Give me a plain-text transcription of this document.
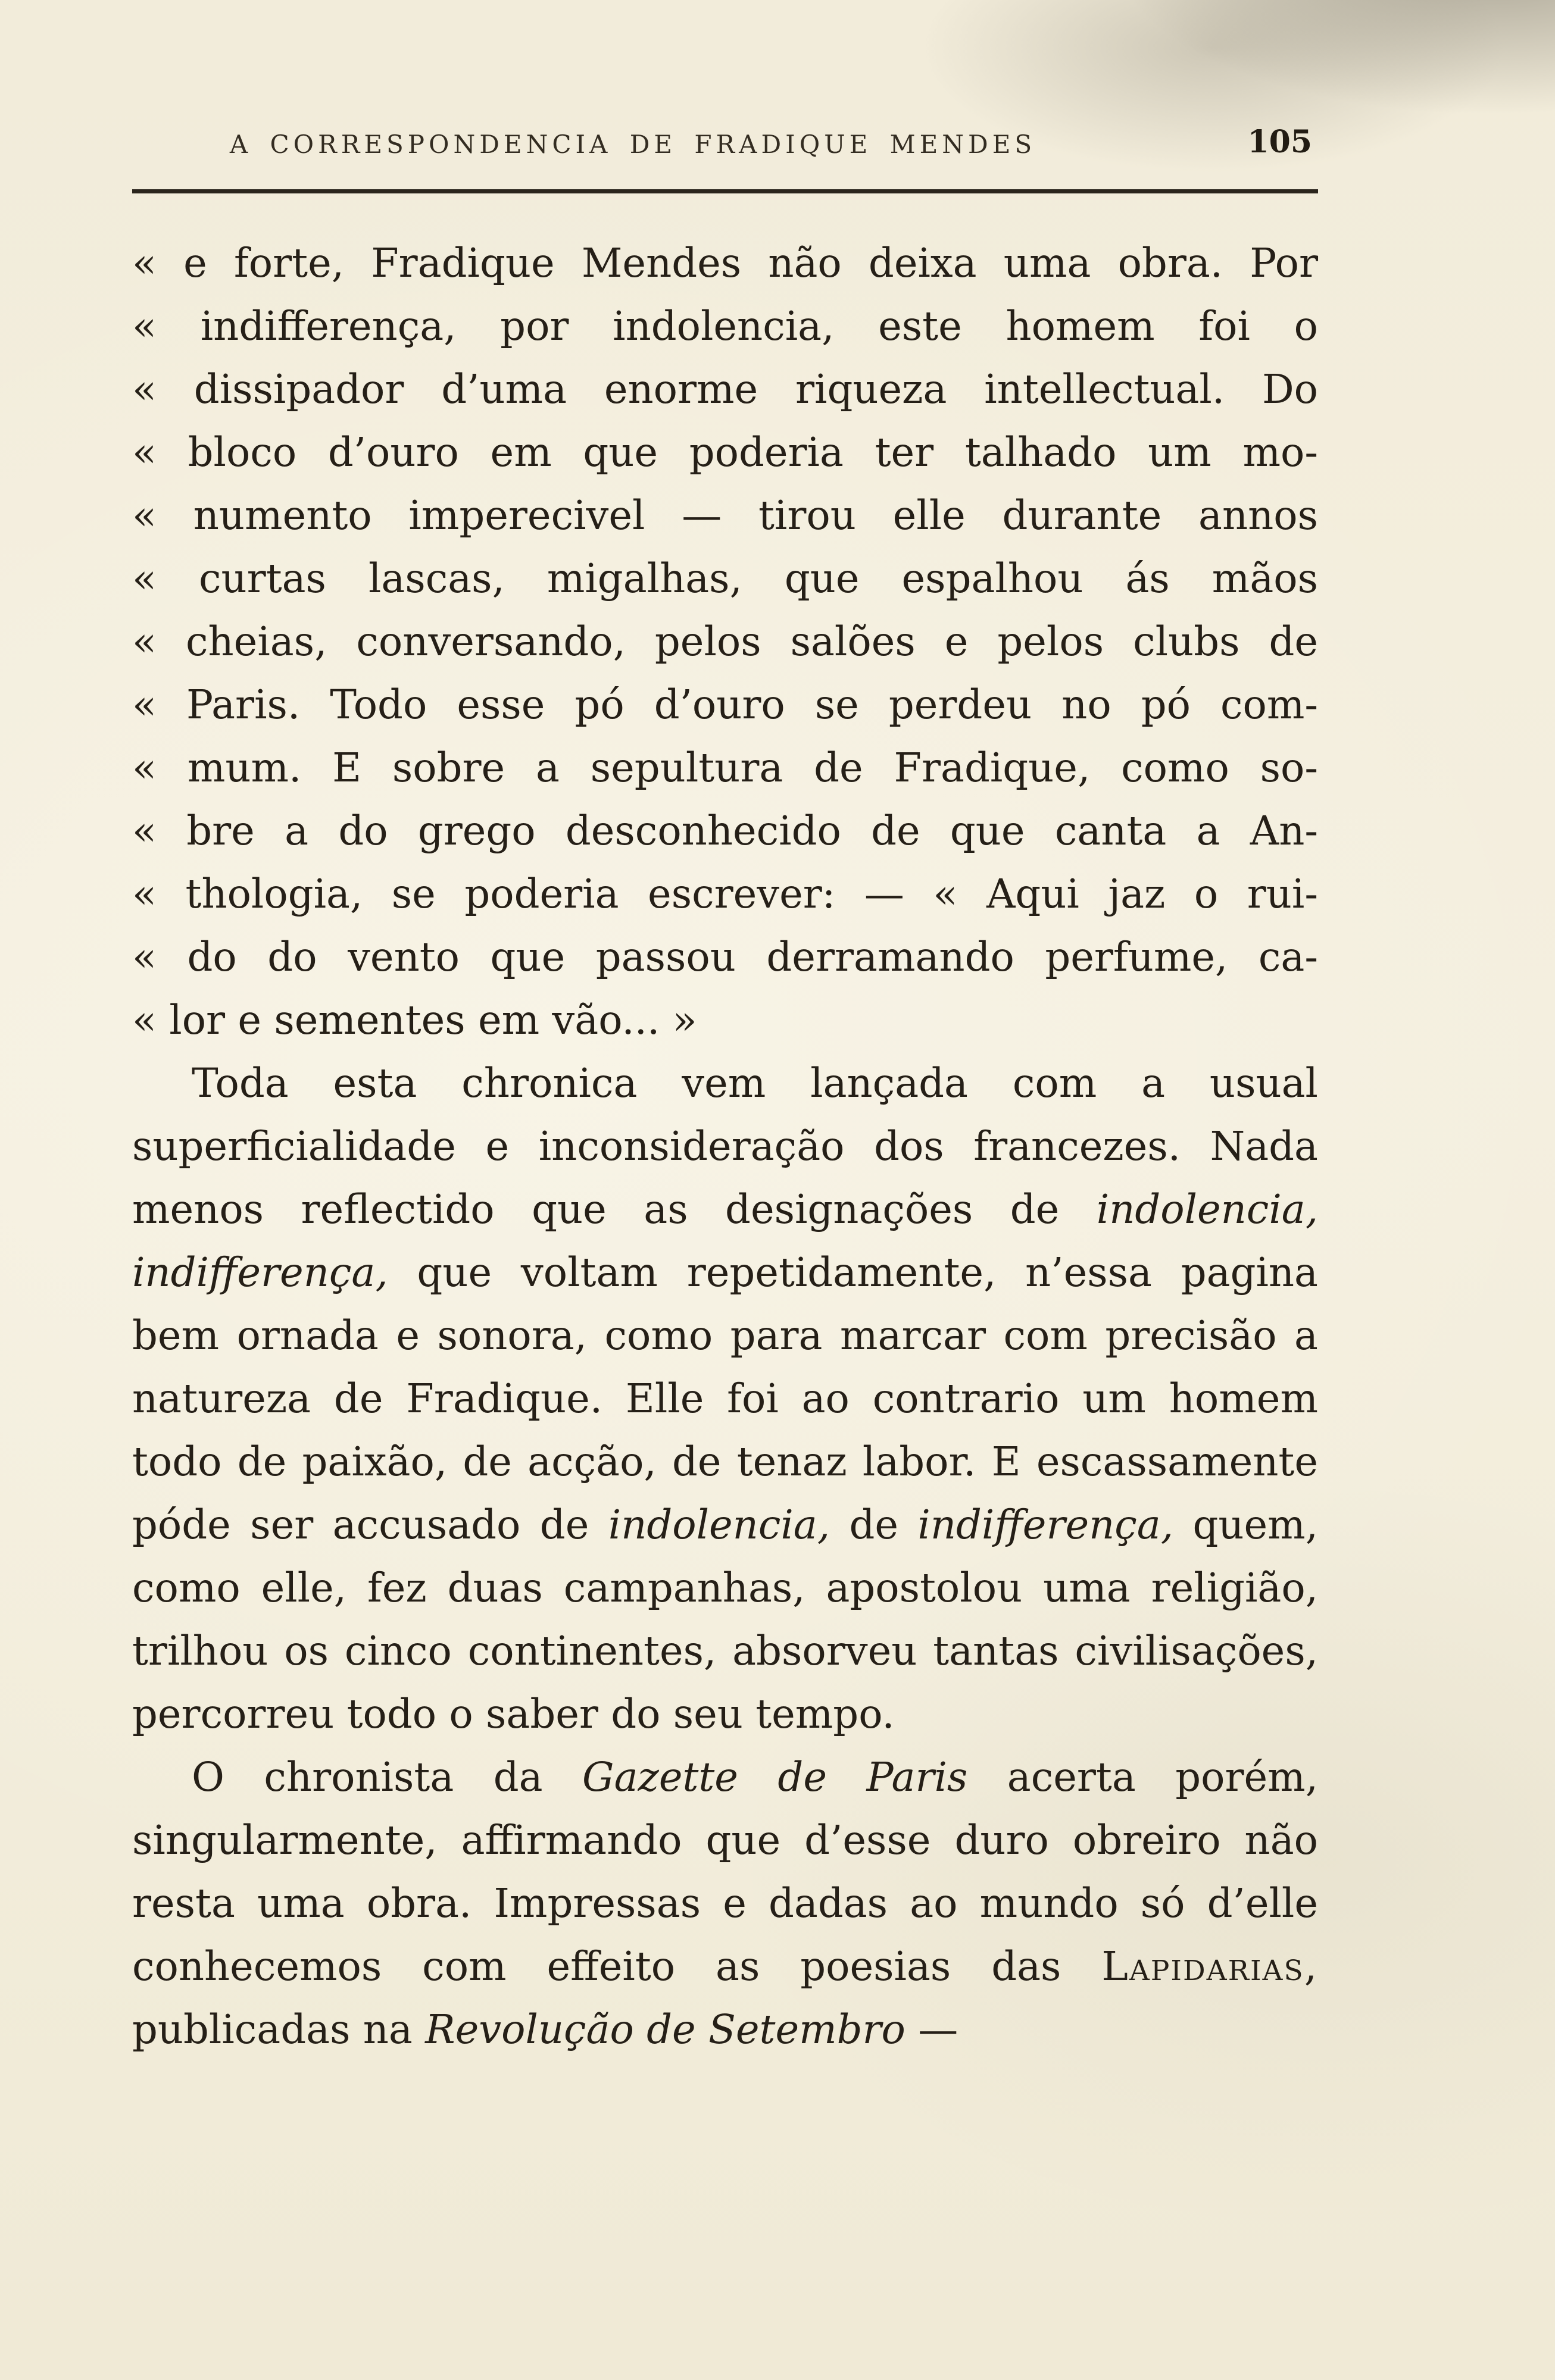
A CORRESPONDENCIA DE FRADIQUE MENDES	105
« e forte, Fradique Mendes não deixa uma obra. Por
« indifferença, por indolencia, este homem foi o
« dissipador d’uma enorme riqueza intellectual. Do
« bloco d’ouro em que poderia ter talhado um mo-
« numento imperecivel — tirou elle durante annos
« curtas lascas, migalhas, que espalhou ás mãos
« cheias, conversando, pelos salões e pelos clubs de
« Paris. Todo esse pó d’ouro se perdeu no pó com-
« mum. E sobre a sepultura de Fradique, como so-
« bre a do grego desconhecido de que canta a An-
« thologia, se poderia escrever: — « Aqui jaz o rui-
« do do vento que passou derramando perfume, ca-
« lor e sementes em vão... »

Toda esta chronica vem lançada com a usual superficialidade e inconsideração dos francezes. Nada menos reflectido que as designações de indolencia, indifferença, que voltam repetidamente, n’essa pagina bem ornada e sonora, como para marcar com precisão a natureza de Fradique. Elle foi ao contrario um homem todo de paixão, de acção, de tenaz labor. E escassamente póde ser accusado de indolencia, de indifferença, quem, como elle, fez duas campanhas, apostolou uma religião, trilhou os cinco continentes, absorveu tantas civilisações, percorreu todo o saber do seu tempo.

O chronista da Gazette de Paris acerta porém, singularmente, affirmando que d’esse duro obreiro não resta uma obra. Impressas e dadas ao mundo só d’elle conhecemos com effeito as poesias das Lapidarias, publicadas na Revolução de Setembro —
